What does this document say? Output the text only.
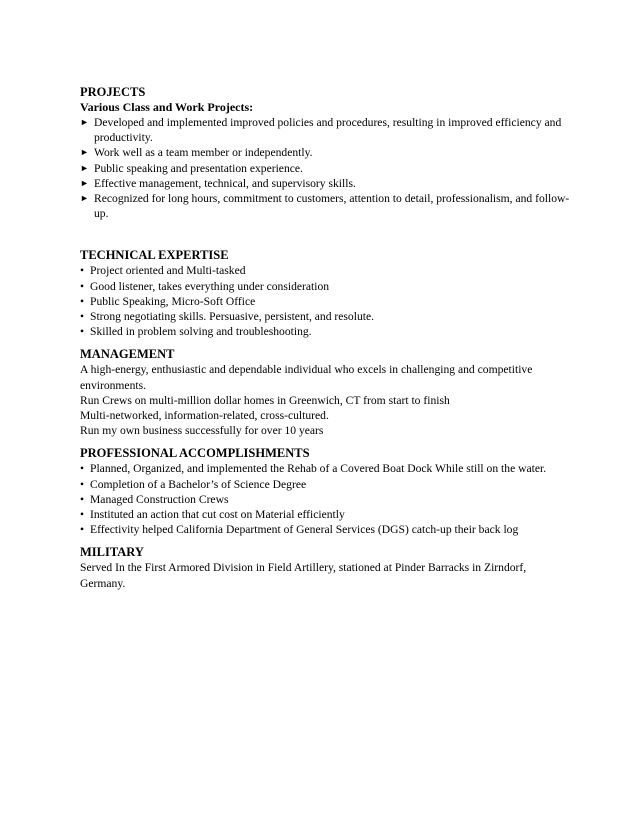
PROJECTS
Various Class and Work Projects:
► Developed and implemented improved policies and procedures, resulting in improved efficiency and productivity.
► Work well as a team member or independently.
► Public speaking and presentation experience.
► Effective management, technical, and supervisory skills.
► Recognized for long hours, commitment to customers, attention to detail, professionalism, and follow-up.
TECHNICAL EXPERTISE
• Project oriented and Multi-tasked
• Good listener, takes everything under consideration
• Public Speaking, Micro-Soft Office
• Strong negotiating skills. Persuasive, persistent, and resolute.
• Skilled in problem solving and troubleshooting.
MANAGEMENT

A high-energy, enthusiastic and dependable individual who excels in challenging and competitive environments.

Run Crews on multi-million dollar homes in Greenwich, CT from start to finish

Multi-networked, information-related, cross-cultured.

Run my own business successfully for over 10 years

PROFESSIONAL ACCOMPLISHMENTS
• Planned, Organized, and implemented the Rehab of a Covered Boat Dock While still on the water.
• Completion of a Bachelor’s of Science Degree
• Managed Construction Crews
• Instituted an action that cut cost on Material efficiently
• Effectivity helped California Department of General Services (DGS) catch-up their back log
MILITARY

Served In the First Armored Division in Field Artillery, stationed at Pinder Barracks in Zirndorf, Germany.
